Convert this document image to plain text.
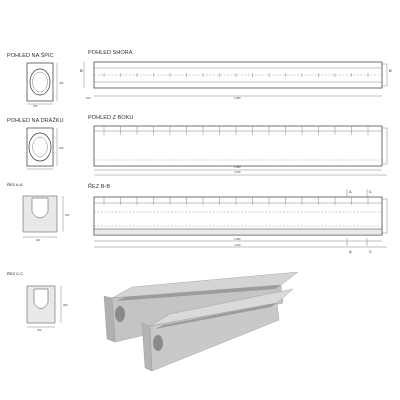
POHLED NA ŠPIC
225
400
POHLED SHORA
3 980
B	B
100
POHLED NA DRÁŽKU
400
POHLED Z BOKU
3 980
4 040
ŘEZ A-A
400
300
ŘEZ B-B
3 980
4 040
A	C
A	C
ŘEZ C-C
400
300
